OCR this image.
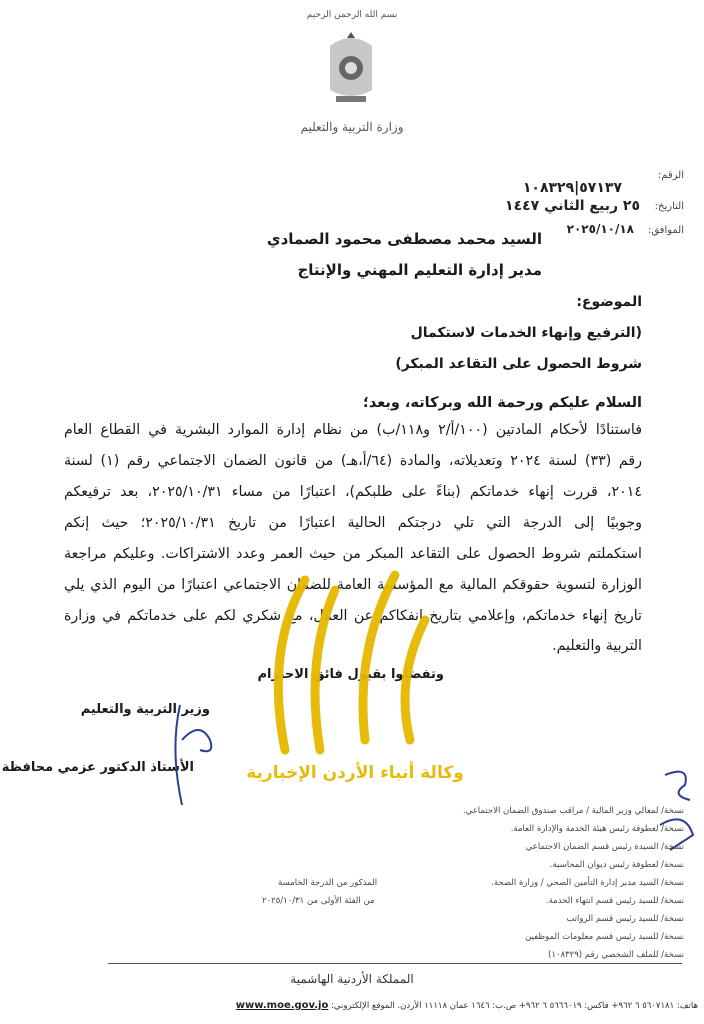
بسم الله الرحمن الرحيم
وزارة التربية والتعليم
الرقم:
٥٧١٣٧|١٠٨٣٢٩
التاريخ:
٢٥ ربيع الثاني ١٤٤٧
الموافق:
٢٠٢٥/١٠/١٨
السيد محمد مصطفى محمود الصمادي
مدير إدارة التعليم المهني والإنتاج
الموضوع:
(الترفيع وإنهاء الخدمات لاستكمال
شروط الحصول على التقاعد المبكر)
السلام عليكم ورحمة الله وبركاته، وبعد؛
فاستنادًا لأحكام المادتين (١٠٠/أ/٢ و١١٨/ب) من نظام إدارة الموارد البشرية في القطاع العام
رقم (٣٣) لسنة ٢٠٢٤ وتعديلاته، والمادة (٦٤/أ،هـ) من قانون الضمان الاجتماعي رقم (١) لسنة
٢٠١٤، قررت إنهاء خدماتكم (بناءً على طلبكم)، اعتبارًا من مساء ٢٠٢٥/١٠/٣١، بعد ترفيعكم
وجوبيًا إلى الدرجة التي تلي درجتكم الحالية اعتبارًا من تاريخ ٢٠٢٥/١٠/٣١؛ حيث إنكم
استكملتم شروط الحصول على التقاعد المبكر من حيث العمر وعدد الاشتراكات. وعليكم مراجعة
الوزارة لتسوية حقوقكم المالية مع المؤسسة العامة للضمان الاجتماعي اعتبارًا من اليوم الذي يلي
تاريخ إنهاء خدماتكم، وإعلامي بتاريخ انفكاكم عن العمل، مع شكري لكم على خدماتكم في وزارة
التربية والتعليم.
وتفضلوا بقبول فائق الاحترام
وزير التربية والتعليم
الأستاذ الدكتور عزمي محافظة	وكالة أنباء الأردن الإخبارية
نسخة/ لمعالي وزير المالية / مراقب صندوق الضمان الاجتماعي.
نسخة/ لعطوفة رئيس هيئة الخدمة والإدارة العامة.
نسخة/ السيدة رئيس قسم الضمان الاجتماعي
نسخة/ لعطوفة رئيس ديوان المحاسبة.
نسخة/ السيد مدير إدارة التأمين الصحي / وزارة الصحة.
نسخة/ للسيد رئيس قسم انتهاء الخدمة.
نسخة/ للسيد رئيس قسم الرواتب
نسخة/ للسيد رئيس قسم معلومات الموظفين
نسخة/ للملف الشخصي رقم (١٠٨٣٢٩)
المذكور من الدرجة الخامسة
من الفئة الأولى من ٢٠٢٥/١٠/٣١
المملكة الأردنية الهاشمية
هاتف: ٥٦٠٧١٨١ ٦ ٩٦٢+ فاكس: ٥٦٦٦٠١٩ ٦ ٩٦٢+ ص.ب: ١٦٤٦ عمان ١١١١٨ الأردن. الموقع الإلكتروني: www.moe.gov.jo
